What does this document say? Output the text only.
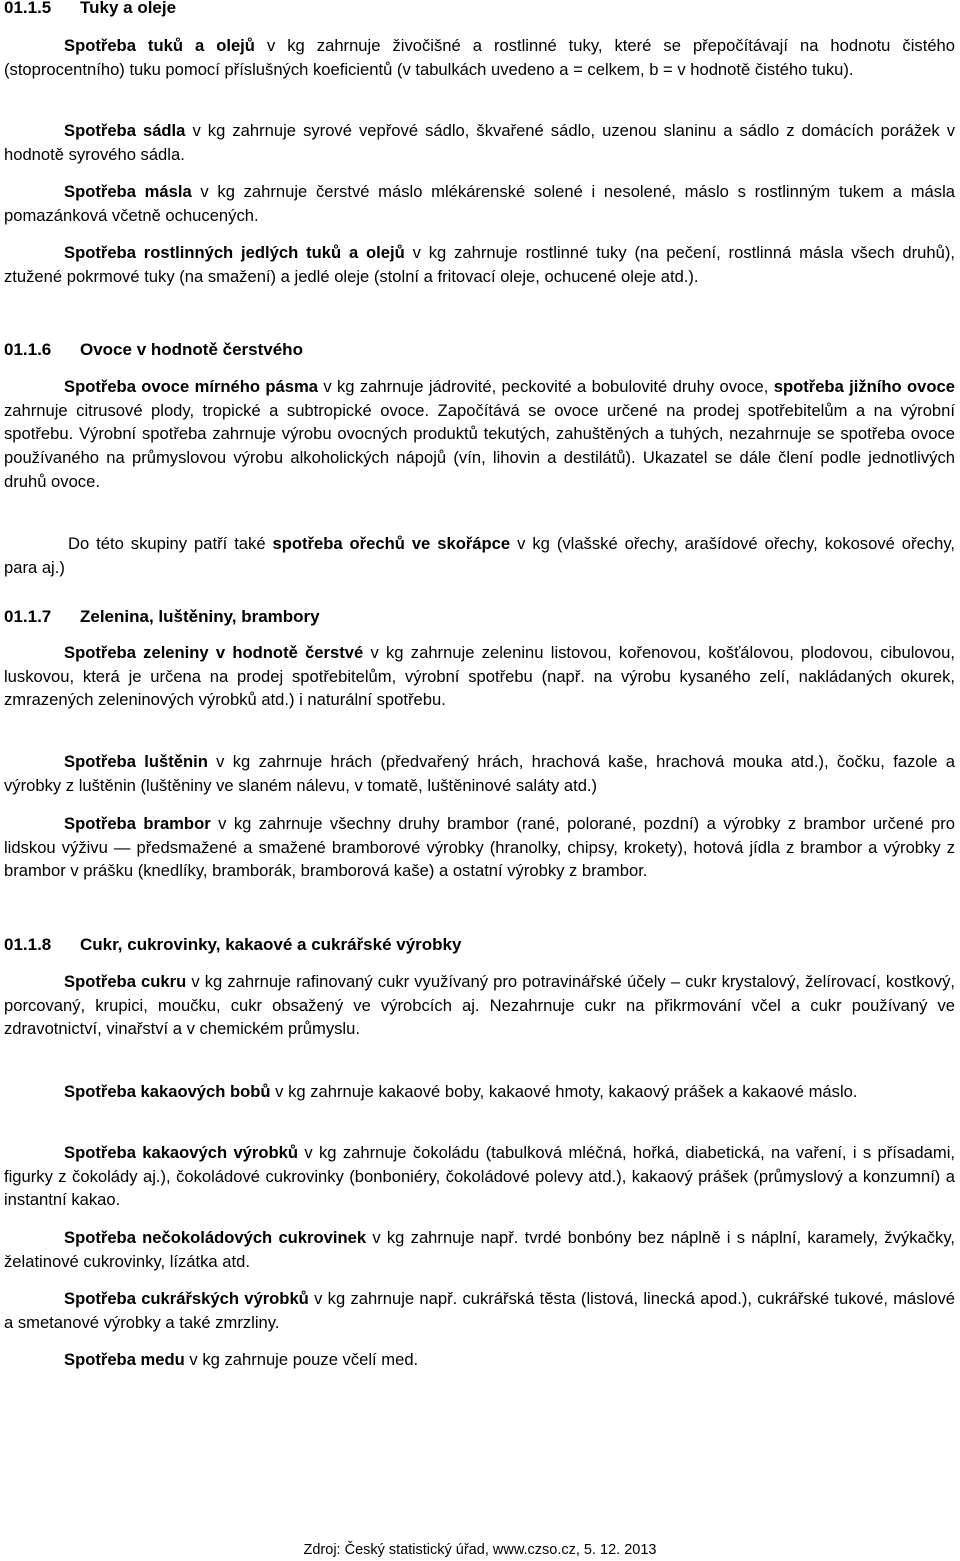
01.1.5 Tuky a oleje

Spotřeba tuků a olejů v kg zahrnuje živočišné a rostlinné tuky, které se přepočítávají na hodnotu čistého (stoprocentního) tuku pomocí příslušných koeficientů (v tabulkách uvedeno a = celkem, b = v hodnotě čistého tuku).

Spotřeba sádla v kg zahrnuje syrové vepřové sádlo, škvařené sádlo, uzenou slaninu a sádlo z domácích porážek v hodnotě syrového sádla.

Spotřeba másla v kg zahrnuje čerstvé máslo mlékárenské solené i nesolené, máslo s rostlinným tukem a másla pomazánková včetně ochucených.

Spotřeba rostlinných jedlých tuků a olejů v kg zahrnuje rostlinné tuky (na pečení, rostlinná másla všech druhů), ztužené pokrmové tuky (na smažení) a jedlé oleje (stolní a fritovací oleje, ochucené oleje atd.).

01.1.6 Ovoce v hodnotě čerstvého

Spotřeba ovoce mírného pásma v kg zahrnuje jádrovité, peckovité a bobulovité druhy ovoce, spotřeba jižního ovoce zahrnuje citrusové plody, tropické a subtropické ovoce. Započítává se ovoce určené na prodej spotřebitelům a na výrobní spotřebu. Výrobní spotřeba zahrnuje výrobu ovocných produktů tekutých, zahuštěných a tuhých, nezahrnuje se spotřeba ovoce používaného na průmyslovou výrobu alkoholických nápojů (vín, lihovin a destilátů). Ukazatel se dále člení podle jednotlivých druhů ovoce.

Do této skupiny patří také spotřeba ořechů ve skořápce v kg (vlašské ořechy, arašídové ořechy, kokosové ořechy, para aj.)

01.1.7 Zelenina, luštěniny, brambory

Spotřeba zeleniny v hodnotě čerstvé v kg zahrnuje zeleninu listovou, kořenovou, košťálovou, plodovou, cibulovou, luskovou, která je určena na prodej spotřebitelům, výrobní spotřebu (např. na výrobu kysaného zelí, nakládaných okurek, zmrazených zeleninových výrobků atd.) i naturální spotřebu.

Spotřeba luštěnin v kg zahrnuje hrách (předvařený hrách, hrachová kaše, hrachová mouka atd.), čočku, fazole a výrobky z luštěnin (luštěniny ve slaném nálevu, v tomatě, luštěninové saláty atd.)

Spotřeba brambor v kg zahrnuje všechny druhy brambor (rané, polorané, pozdní) a výrobky z brambor určené pro lidskou výživu — předsmažené a smažené bramborové výrobky (hranolky, chipsy, krokety), hotová jídla z brambor a výrobky z brambor v prášku (knedlíky, bramborák, bramborová kaše) a ostatní výrobky z brambor.

01.1.8 Cukr, cukrovinky, kakaové a cukrářské výrobky

Spotřeba cukru v kg zahrnuje rafinovaný cukr využívaný pro potravinářské účely – cukr krystalový, želírovací, kostkový, porcovaný, krupici, moučku, cukr obsažený ve výrobcích aj. Nezahrnuje cukr na přikrmování včel a cukr používaný ve zdravotnictví, vinařství a v chemickém průmyslu.

Spotřeba kakaových bobů v kg zahrnuje kakaové boby, kakaové hmoty, kakaový prášek a kakaové máslo.

Spotřeba kakaových výrobků v kg zahrnuje čokoládu (tabulková mléčná, hořká, diabetická, na vaření, i s přísadami, figurky z čokolády aj.), čokoládové cukrovinky (bonboniéry, čokoládové polevy atd.), kakaový prášek (průmyslový a konzumní) a instantní kakao.

Spotřeba nečokoládových cukrovinek v kg zahrnuje např. tvrdé bonbóny bez náplně i s náplní, karamely, žvýkačky, želatinové cukrovinky, lízátka atd.

Spotřeba cukrářských výrobků v kg zahrnuje např. cukrářská těsta (listová, linecká apod.), cukrářské tukové, máslové a smetanové výrobky a také zmrzliny.

Spotřeba medu v kg zahrnuje pouze včelí med.

Zdroj: Český statistický úřad, www.czso.cz, 5. 12. 2013
